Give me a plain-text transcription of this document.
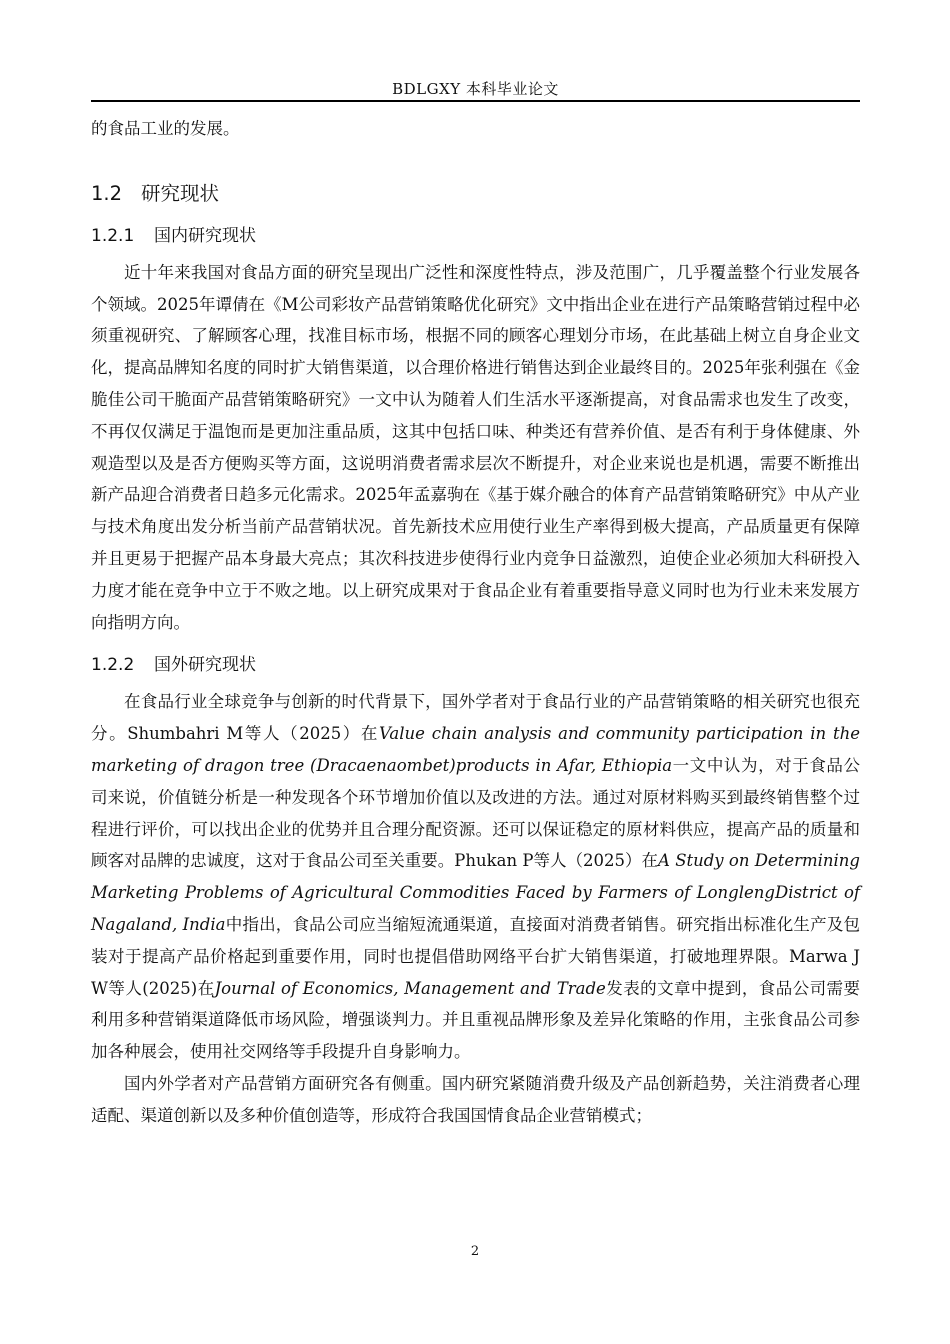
BDLGXY 本科毕业论文

的食品工业的发展。

1.2 研究现状
1.2.1 国内研究现状

近十年来我国对食品方面的研究呈现出广泛性和深度性特点，涉及范围广，几乎覆盖整个行业发展各个领域。2025年谭倩在《M公司彩妆产品营销策略优化研究》文中指出企业在进行产品策略营销过程中必须重视研究、了解顾客心理，找准目标市场，根据不同的顾客心理划分市场，在此基础上树立自身企业文化，提高品牌知名度的同时扩大销售渠道，以合理价格进行销售达到企业最终目的。2025年张利强在《金脆佳公司干脆面产品营销策略研究》一文中认为随着人们生活水平逐渐提高，对食品需求也发生了改变，不再仅仅满足于温饱而是更加注重品质，这其中包括口味、种类还有营养价值、是否有利于身体健康、外观造型以及是否方便购买等方面，这说明消费者需求层次不断提升，对企业来说也是机遇，需要不断推出新产品迎合消费者日趋多元化需求。2025年孟嘉驹在《基于媒介融合的体育产品营销策略研究》中从产业与技术角度出发分析当前产品营销状况。首先新技术应用使行业生产率得到极大提高，产品质量更有保障并且更易于把握产品本身最大亮点；其次科技进步使得行业内竞争日益激烈，迫使企业必须加大科研投入力度才能在竞争中立于不败之地。以上研究成果对于食品企业有着重要指导意义同时也为行业未来发展方向指明方向。

1.2.2 国外研究现状

在食品行业全球竞争与创新的时代背景下，国外学者对于食品行业的产品营销策略的相关研究也很充分。Shumbahri M等人（2025）在Value chain analysis and community participation in the marketing of dragon tree (Dracaenaombet)products in Afar, Ethiopia一文中认为，对于食品公司来说，价值链分析是一种发现各个环节增加价值以及改进的方法。通过对原材料购买到最终销售整个过程进行评价，可以找出企业的优势并且合理分配资源。还可以保证稳定的原材料供应，提高产品的质量和顾客对品牌的忠诚度，这对于食品公司至关重要。Phukan P等人（2025）在A Study on Determining Marketing Problems of Agricultural Commodities Faced by Farmers of LonglengDistrict of Nagaland, India中指出，食品公司应当缩短流通渠道，直接面对消费者销售。研究指出标准化生产及包装对于提高产品价格起到重要作用，同时也提倡借助网络平台扩大销售渠道，打破地理界限。Marwa J W等人(2025)在Journal of Economics, Management and Trade发表的文章中提到，食品公司需要利用多种营销渠道降低市场风险，增强谈判力。并且重视品牌形象及差异化策略的作用，主张食品公司参加各种展会，使用社交网络等手段提升自身影响力。

国内外学者对产品营销方面研究各有侧重。国内研究紧随消费升级及产品创新趋势，关注消费者心理适配、渠道创新以及多种价值创造等，形成符合我国国情食品企业营销模式；

2
